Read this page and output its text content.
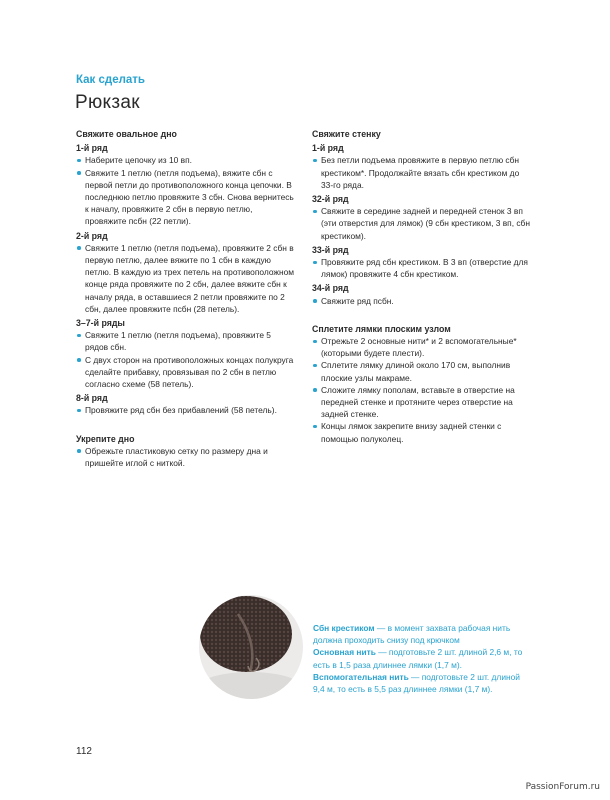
Как сделать
Рюкзак
Свяжите овальное дно
1-й ряд
Наберите цепочку из 10 вп.
Свяжите 1 петлю (петля подъема), вяжите сбн с первой петли до противоположного конца цепочки. В последнюю петлю провяжите 3 сбн. Снова вернитесь к началу, провяжите 2 сбн в первую петлю, провяжите псбн (22 петли).
2-й ряд
Свяжите 1 петлю (петля подъема), провяжите 2 сбн в первую петлю, далее вяжите по 1 сбн в каждую петлю. В каждую из трех петель на противоположном конце ряда провяжите по 2 сбн, далее вяжите сбн к началу ряда, в оставшиеся 2 петли провяжите по 2 сбн, далее провяжите псбн (28 петель).
3–7-й ряды
Свяжите 1 петлю (петля подъема), провяжите 5 рядов сбн.
С двух сторон на противоположных концах полукруга сделайте прибавку, провязывая по 2 сбн в петлю согласно схеме (58 петель).
8-й ряд
Провяжите ряд сбн без прибавлений (58 петель).
Укрепите дно
Обрежьте пластиковую сетку по размеру дна и пришейте иглой с ниткой.
Свяжите стенку
1-й ряд
Без петли подъема провяжите в первую петлю сбн крестиком*. Продолжайте вязать сбн крестиком до 33-го ряда.
32-й ряд
Свяжите в середине задней и передней стенок 3 вп (эти отверстия для лямок) (9 сбн крестиком, 3 вп, сбн крестиком).
33-й ряд
Провяжите ряд сбн крестиком. В 3 вп (отверстие для лямок) провяжите 4 сбн крестиком.
34-й ряд
Свяжите ряд псбн.
Сплетите лямки плоским узлом
Отрежьте 2 основные нити* и 2 вспомогательные* (которыми будете плести).
Сплетите лямку длиной около 170 см, выполнив плоские узлы макраме.
Сложите лямку пополам, вставьте в отверстие на передней стенке и протяните через отверстие на задней стенке.
Концы лямок закрепите внизу задней стенки с помощью полуколец.
Сбн крестиком — в момент захвата рабочая нить должна проходить снизу под крючком
Основная нить — подготовьте 2 шт. длиной 2,6 м, то есть в 1,5 раза длиннее лямки (1,7 м).
Вспомогательная нить — подготовьте 2 шт. длиной 9,4 м, то есть в 5,5 раз длиннее лямки (1,7 м).
112
PassionForum.ru
